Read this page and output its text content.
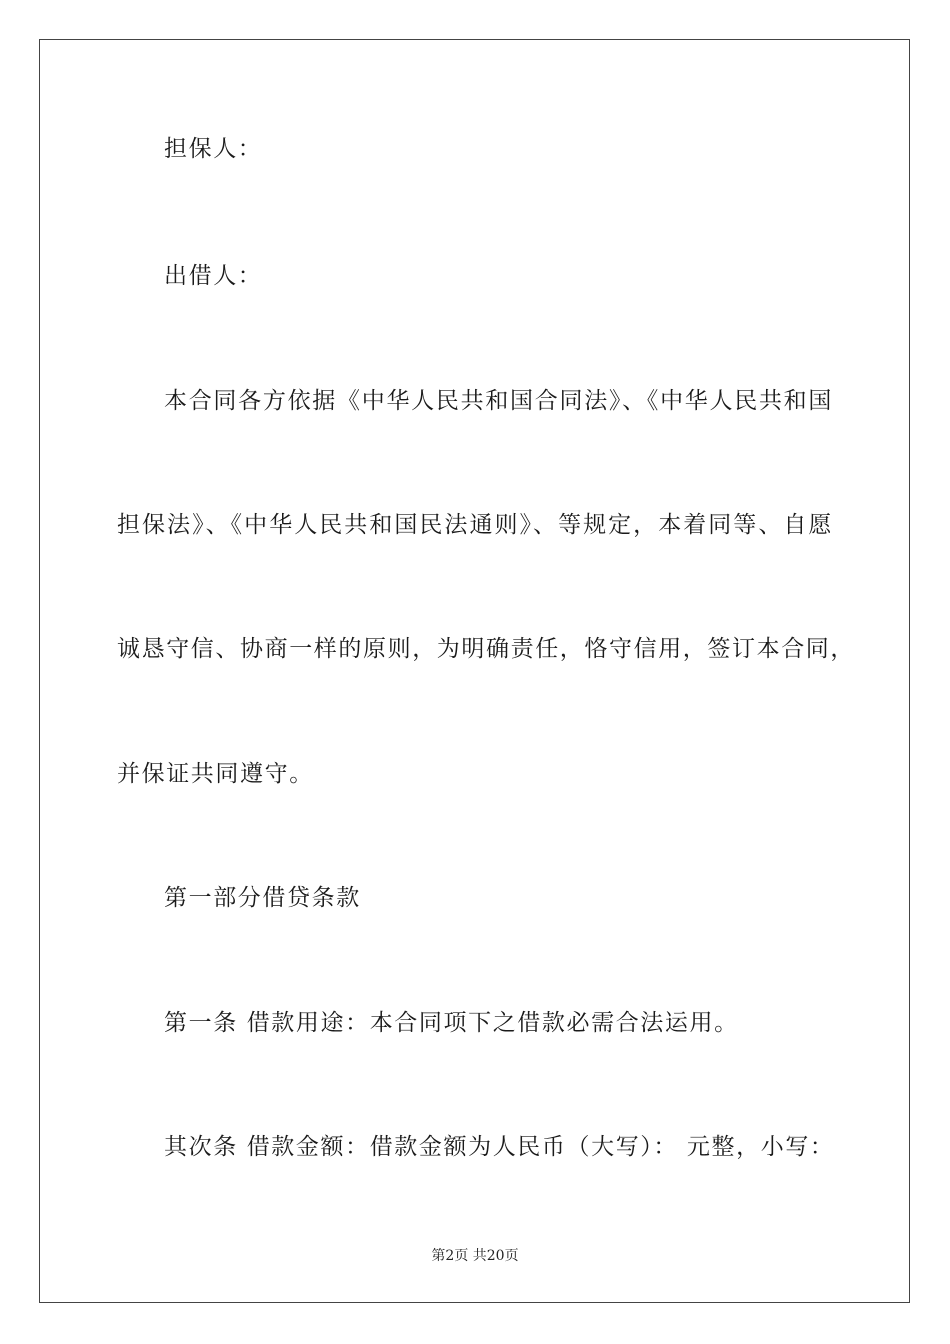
担保人：
出借人：
本合同各方依据《中华人民共和国合同法》、《中华人民共和国
担保法》、《中华人民共和国民法通则》、等规定，本着同等、自愿
诚恳守信、协商一样的原则，为明确责任，恪守信用，签订本合同，
并保证共同遵守。
第一部分借贷条款
第一条 借款用途：本合同项下之借款必需合法运用。
其次条 借款金额：借款金额为人民币（大写）： 元整，小写：
第2页 共20页
